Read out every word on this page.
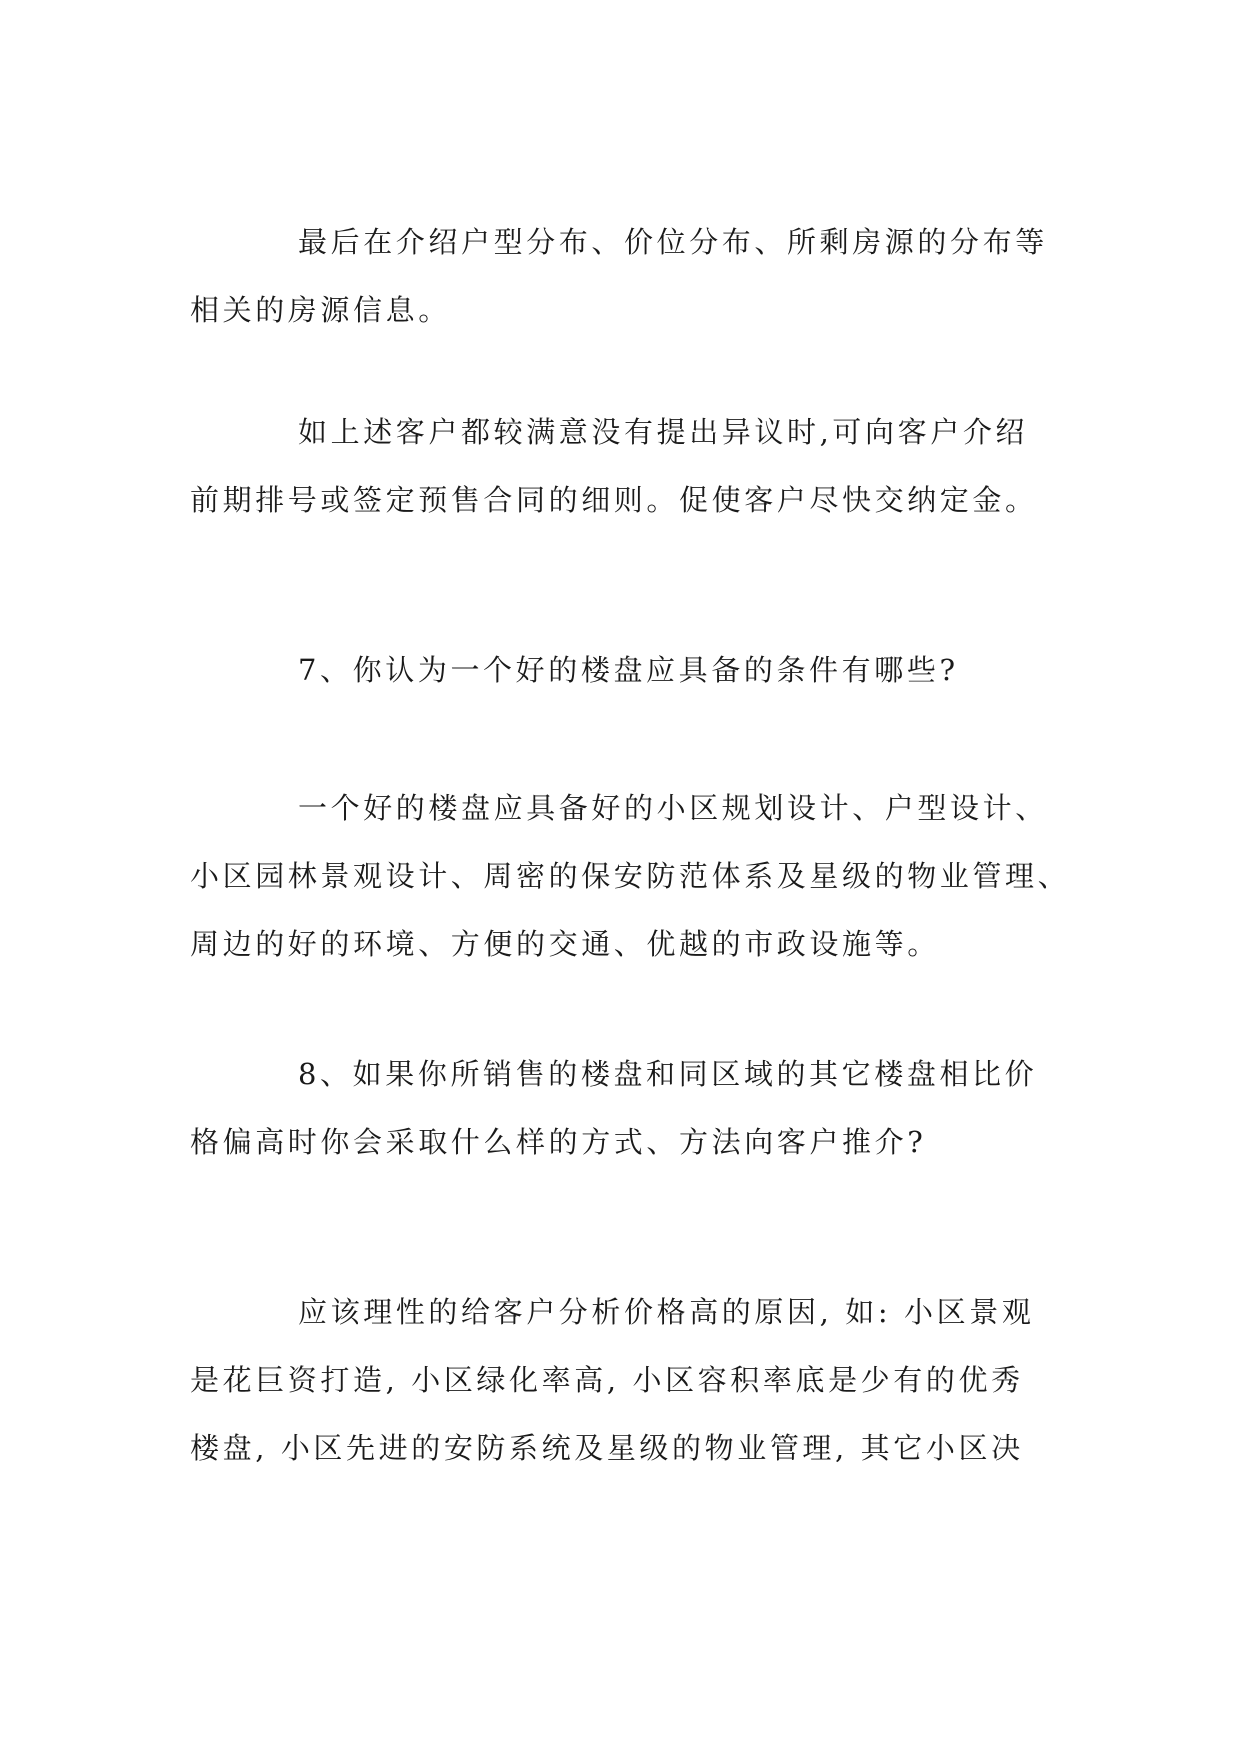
最后在介绍户型分布、价位分布、所剩房源的分布等
相关的房源信息。

如上述客户都较满意没有提出异议时,可向客户介绍
前期排号或签定预售合同的细则。促使客户尽快交纳定金。

7、你认为一个好的楼盘应具备的条件有哪些?

一个好的楼盘应具备好的小区规划设计、户型设计、
小区园林景观设计、周密的保安防范体系及星级的物业管理、
周边的好的环境、方便的交通、优越的市政设施等。

8、如果你所销售的楼盘和同区域的其它楼盘相比价
格偏高时你会采取什么样的方式、方法向客户推介?

应该理性的给客户分析价格高的原因, 如: 小区景观
是花巨资打造, 小区绿化率高, 小区容积率底是少有的优秀
楼盘, 小区先进的安防系统及星级的物业管理, 其它小区决
